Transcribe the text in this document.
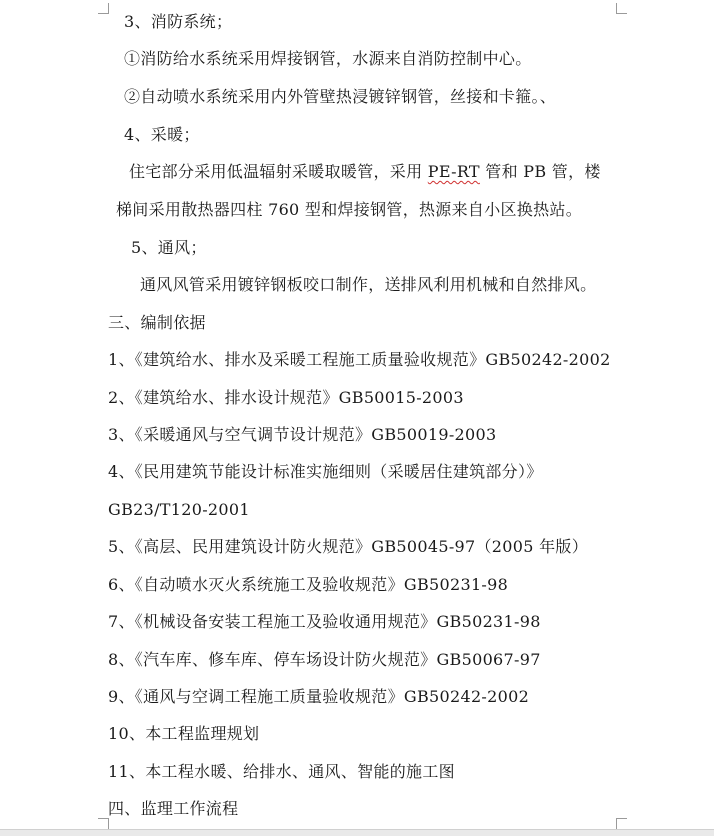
3、消防系统；
①消防给水系统采用焊接钢管，水源来自消防控制中心。
②自动喷水系统采用内外管壁热浸镀锌钢管，丝接和卡箍。、
4、采暖；
住宅部分采用低温辐射采暖取暖管，采用 PE-RT 管和 PB 管，楼
梯间采用散热器四柱 760 型和焊接钢管，热源来自小区换热站。
5、通风；
通风风管采用镀锌钢板咬口制作，送排风利用机械和自然排风。
三、编制依据
1、《建筑给水、排水及采暖工程施工质量验收规范》GB50242-2002
2、《建筑给水、排水设计规范》GB50015-2003
3、《采暖通风与空气调节设计规范》GB50019-2003
4、《民用建筑节能设计标准实施细则（采暖居住建筑部分）》
GB23/T120-2001
5、《高层、民用建筑设计防火规范》GB50045-97（2005 年版）
6、《自动喷水灭火系统施工及验收规范》GB50231-98
7、《机械设备安装工程施工及验收通用规范》GB50231-98
8、《汽车库、修车库、停车场设计防火规范》GB50067-97
9、《通风与空调工程施工质量验收规范》GB50242-2002
10、本工程监理规划
11、本工程水暖、给排水、通风、智能的施工图
四、监理工作流程
